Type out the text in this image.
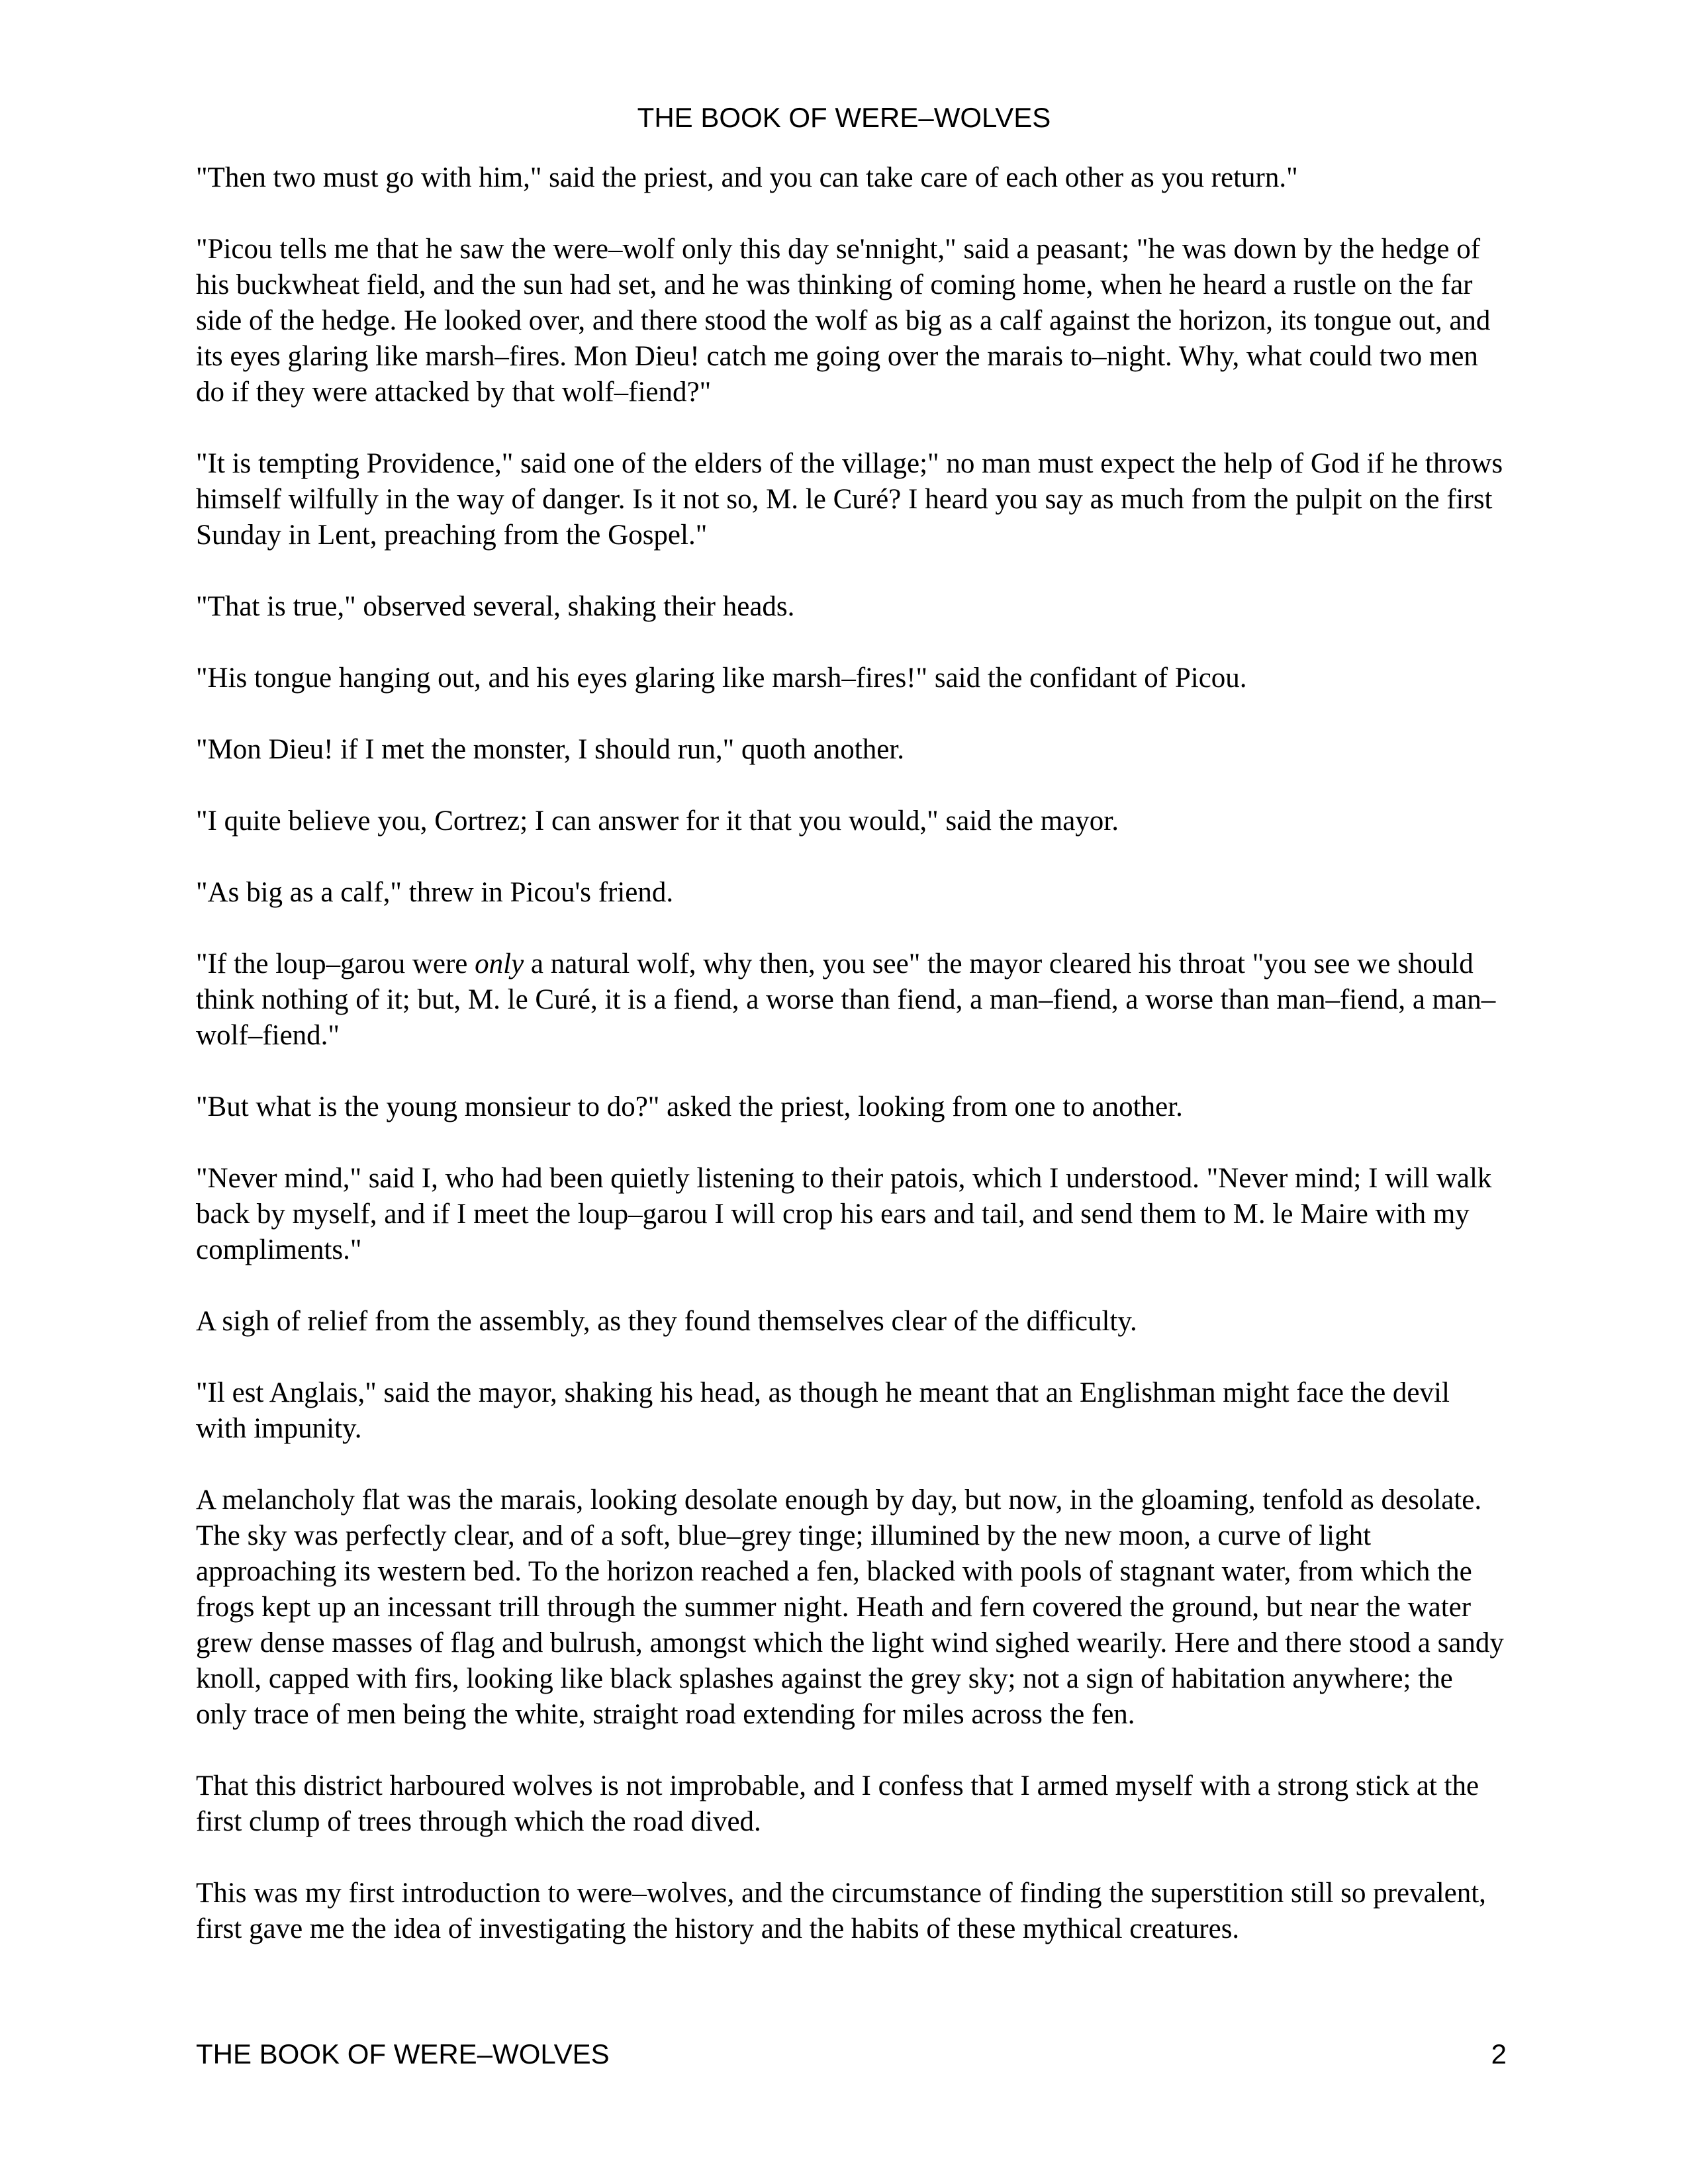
THE BOOK OF WERE–WOLVES

"Then two must go with him," said the priest, and you can take care of each other as you return."

"Picou tells me that he saw the were–wolf only this day se'nnight," said a peasant; "he was down by the hedge of his buckwheat field, and the sun had set, and he was thinking of coming home, when he heard a rustle on the far side of the hedge. He looked over, and there stood the wolf as big as a calf against the horizon, its tongue out, and its eyes glaring like marsh–fires. Mon Dieu! catch me going over the marais to–night. Why, what could two men do if they were attacked by that wolf–fiend?"

"It is tempting Providence," said one of the elders of the village;" no man must expect the help of God if he throws himself wilfully in the way of danger. Is it not so, M. le Curé? I heard you say as much from the pulpit on the first Sunday in Lent, preaching from the Gospel."

"That is true," observed several, shaking their heads.

"His tongue hanging out, and his eyes glaring like marsh–fires!" said the confidant of Picou.

"Mon Dieu! if I met the monster, I should run," quoth another.

"I quite believe you, Cortrez; I can answer for it that you would," said the mayor.

"As big as a calf," threw in Picou's friend.

"If the loup–garou were only a natural wolf, why then, you see" the mayor cleared his throat "you see we should think nothing of it; but, M. le Curé, it is a fiend, a worse than fiend, a man–fiend, a worse than man–fiend, a man–wolf–fiend."

"But what is the young monsieur to do?" asked the priest, looking from one to another.

"Never mind," said I, who had been quietly listening to their patois, which I understood. "Never mind; I will walk back by myself, and if I meet the loup–garou I will crop his ears and tail, and send them to M. le Maire with my compliments."

A sigh of relief from the assembly, as they found themselves clear of the difficulty.

"Il est Anglais," said the mayor, shaking his head, as though he meant that an Englishman might face the devil with impunity.

A melancholy flat was the marais, looking desolate enough by day, but now, in the gloaming, tenfold as desolate. The sky was perfectly clear, and of a soft, blue–grey tinge; illumined by the new moon, a curve of light approaching its western bed. To the horizon reached a fen, blacked with pools of stagnant water, from which the frogs kept up an incessant trill through the summer night. Heath and fern covered the ground, but near the water grew dense masses of flag and bulrush, amongst which the light wind sighed wearily. Here and there stood a sandy knoll, capped with firs, looking like black splashes against the grey sky; not a sign of habitation anywhere; the only trace of men being the white, straight road extending for miles across the fen.

That this district harboured wolves is not improbable, and I confess that I armed myself with a strong stick at the first clump of trees through which the road dived.

This was my first introduction to were–wolves, and the circumstance of finding the superstition still so prevalent, first gave me the idea of investigating the history and the habits of these mythical creatures.

THE BOOK OF WERE–WOLVES	2
